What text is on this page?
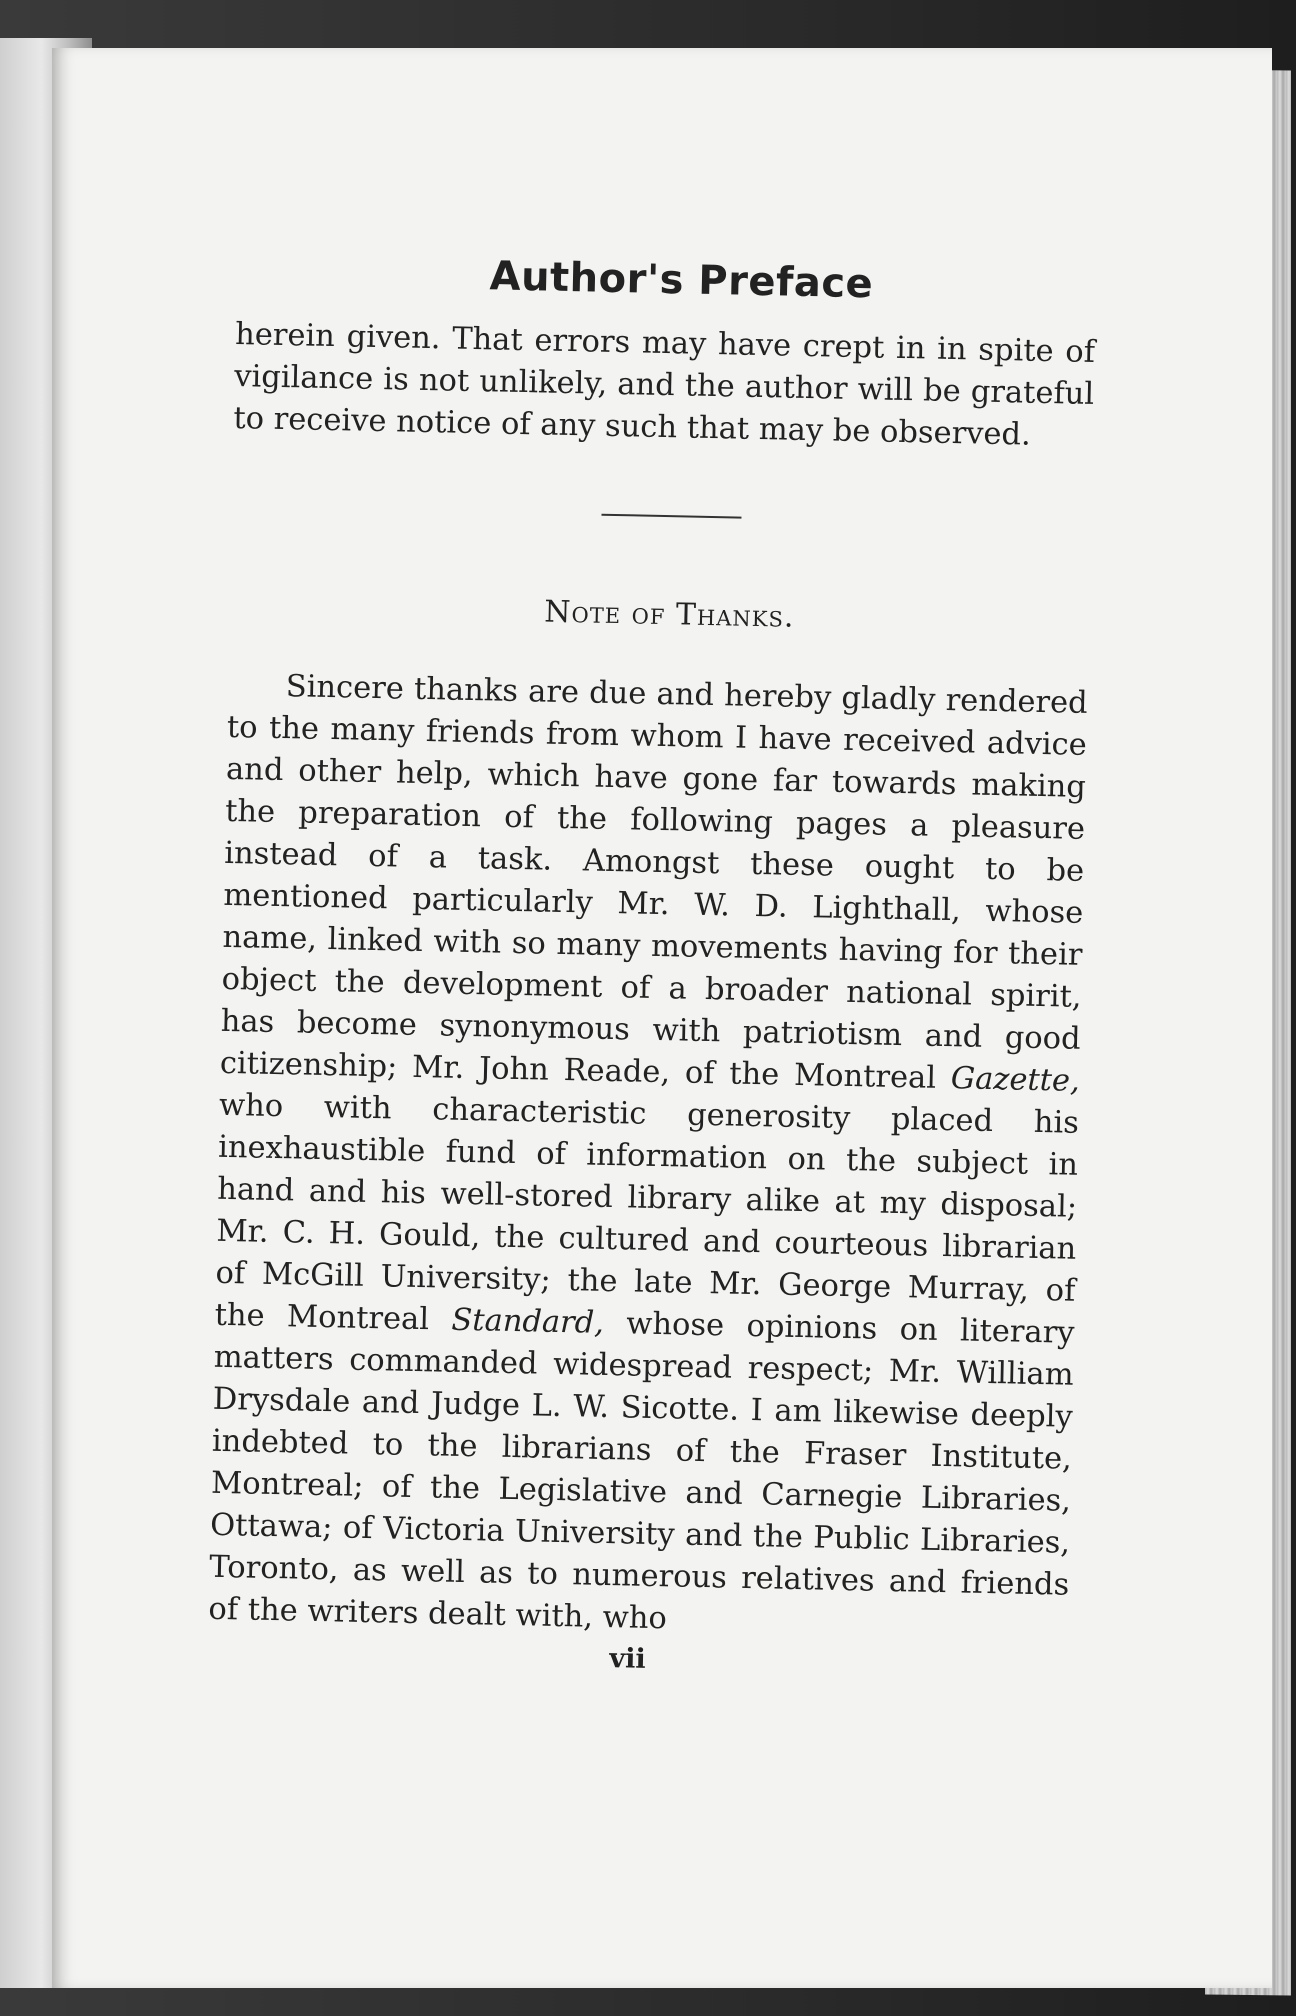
Author's Preface

herein given. That errors may have crept in in spite of vigilance is not unlikely, and the author will be grateful to receive notice of any such that may be observed.

Note of Thanks.

Sincere thanks are due and hereby gladly rendered to the many friends from whom I have received advice and other help, which have gone far towards making the preparation of the following pages a pleasure instead of a task. Amongst these ought to be mentioned particularly Mr. W. D. Lighthall, whose name, linked with so many movements having for their object the development of a broader national spirit, has become synonymous with patriotism and good citizenship; Mr. John Reade, of the Montreal Gazette, who with characteristic generosity placed his inexhaustible fund of information on the subject in hand and his well-stored library alike at my disposal; Mr. C. H. Gould, the cultured and courteous librarian of McGill University; the late Mr. George Murray, of the Montreal Standard, whose opinions on literary matters commanded widespread respect; Mr. William Drysdale and Judge L. W. Sicotte. I am likewise deeply indebted to the librarians of the Fraser Institute, Montreal; of the Legislative and Carnegie Libraries, Ottawa; of Victoria University and the Public Libraries, Toronto, as well as to numerous relatives and friends of the writers dealt with, who

vii
